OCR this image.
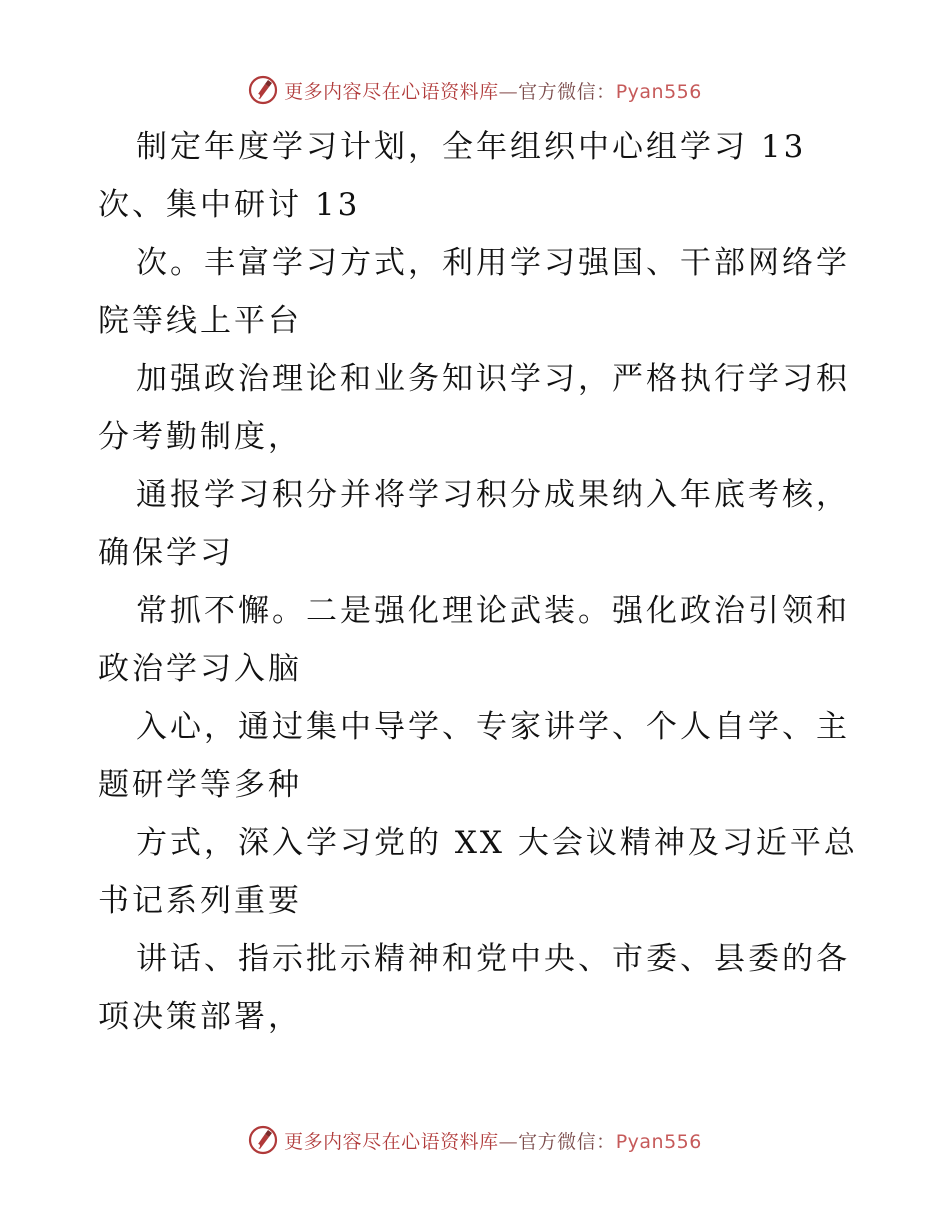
更多内容尽在心语资料库—官方微信：Pyan556

制定年度学习计划，全年组织中心组学习 13
次、集中研讨 13

次。丰富学习方式，利用学习强国、干部网络学
院等线上平台

加强政治理论和业务知识学习，严格执行学习积
分考勤制度，

通报学习积分并将学习积分成果纳入年底考核，
确保学习

常抓不懈。二是强化理论武装。强化政治引领和
政治学习入脑

入心，通过集中导学、专家讲学、个人自学、主
题研学等多种

方式，深入学习党的 XX 大会议精神及习近平总
书记系列重要

讲话、指示批示精神和党中央、市委、县委的各
项决策部署，

更多内容尽在心语资料库—官方微信：Pyan556
